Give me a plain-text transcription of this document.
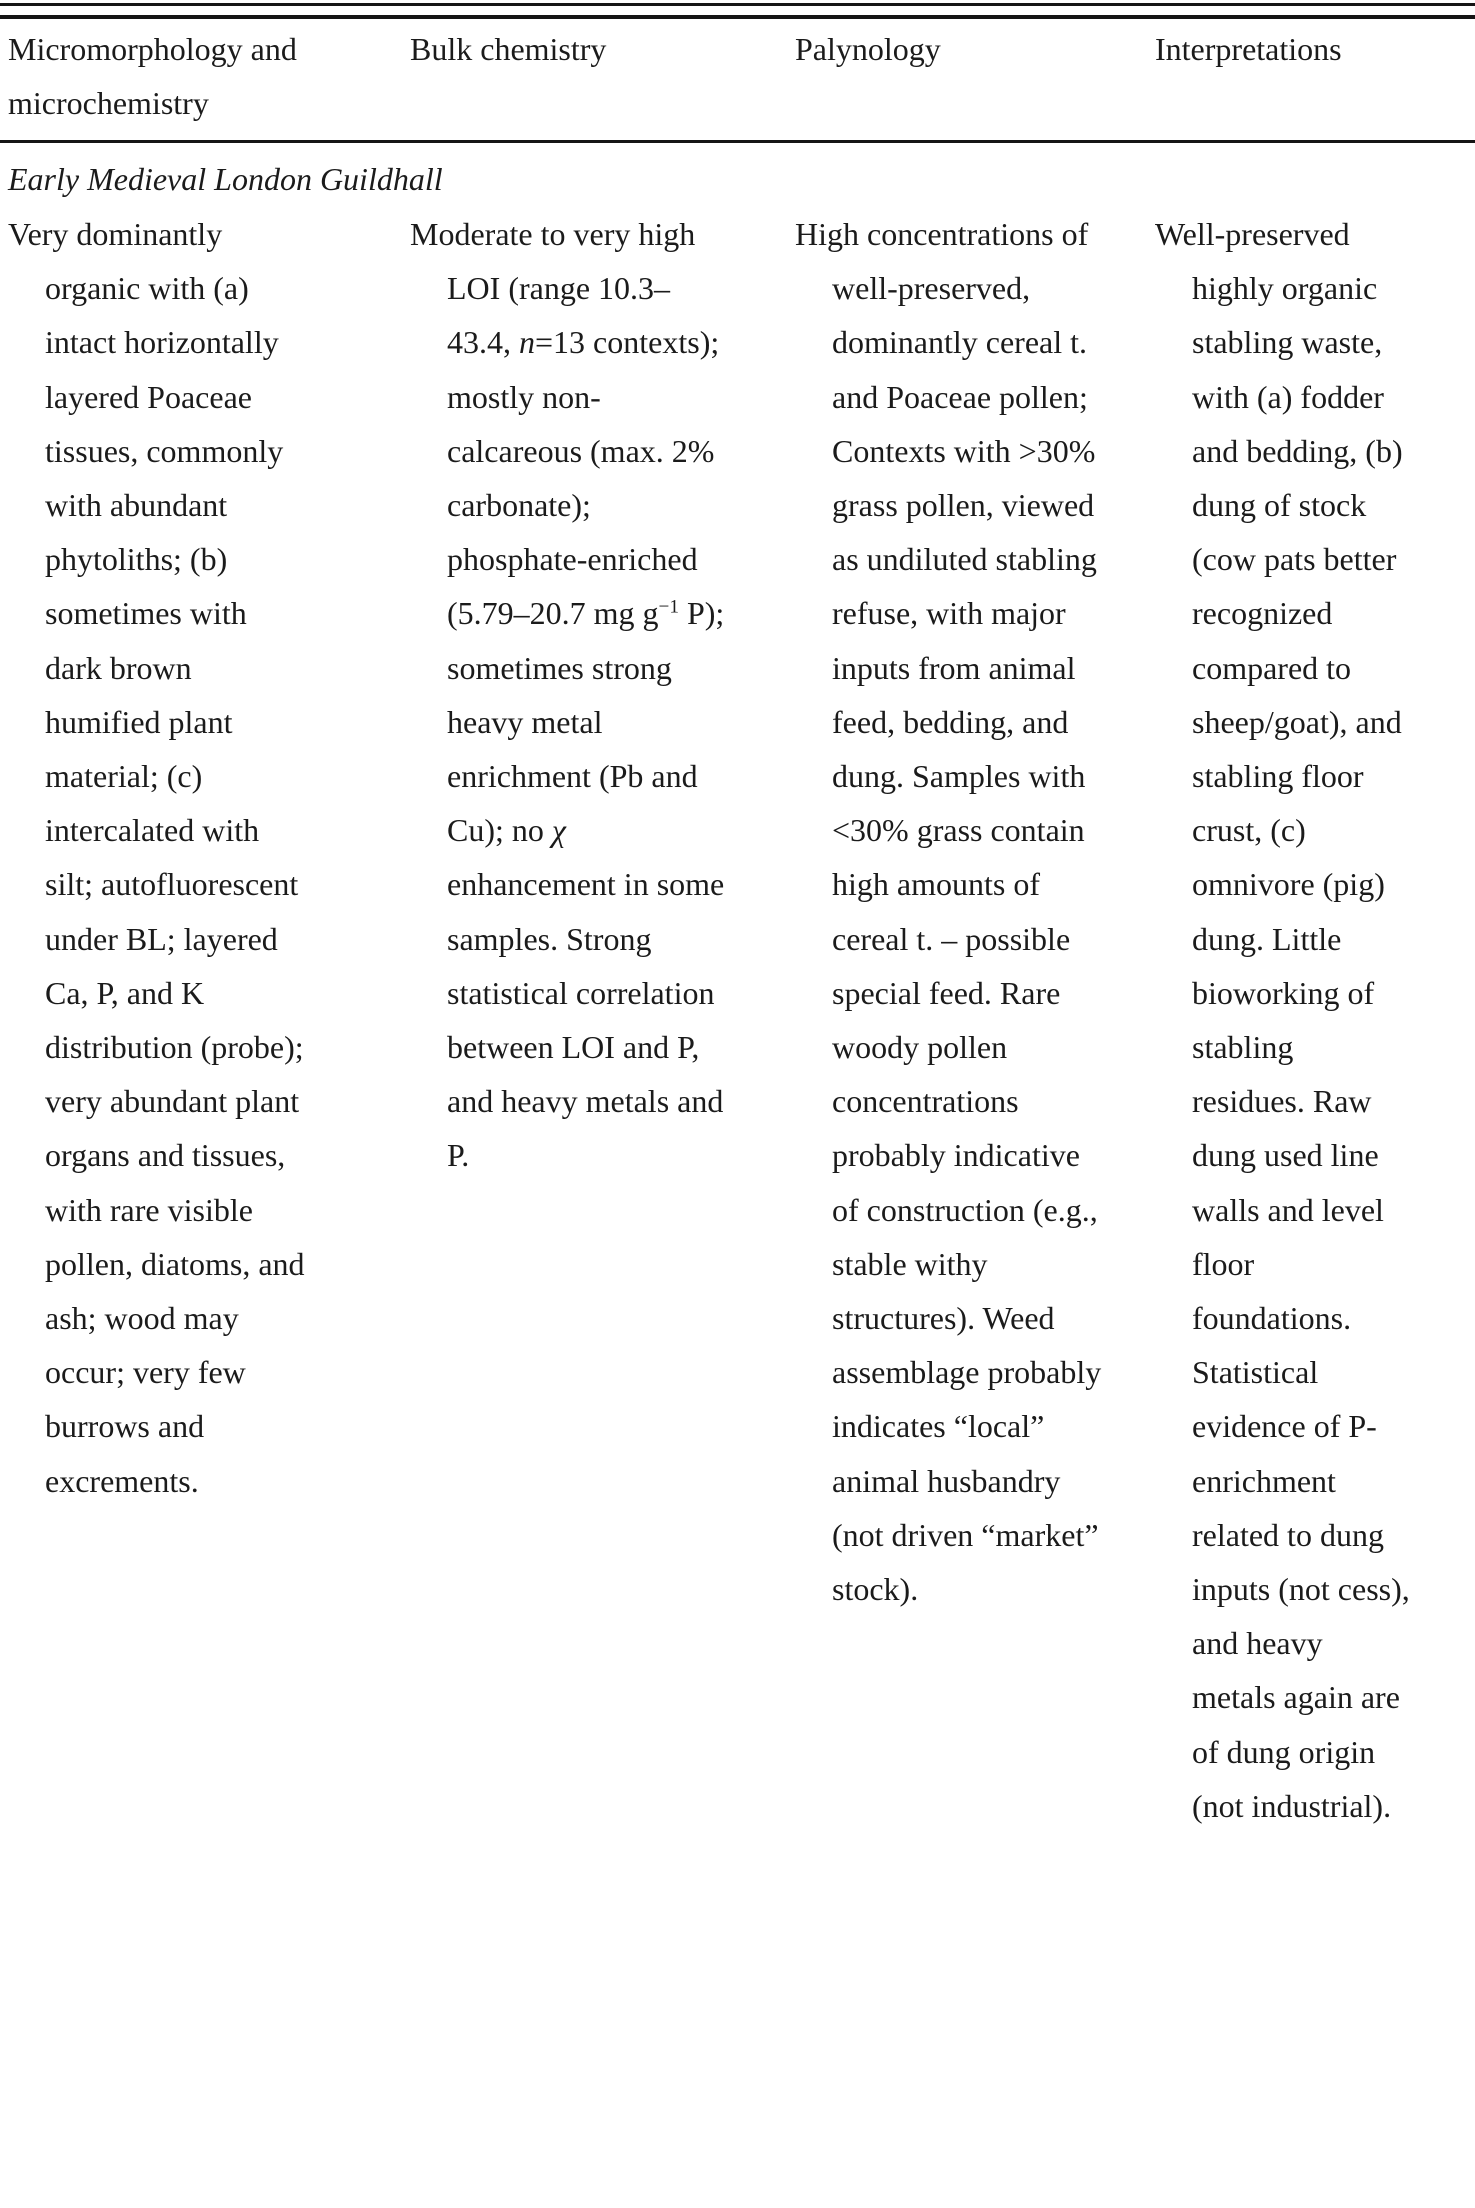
Micromorphology and microchemistry
Bulk chemistry	Palynology	Interpretations
Early Medieval London Guildhall

Very dominantly organic with (a) intact horizontally layered Poaceae tissues, commonly with abundant phytoliths; (b) sometimes with dark brown humified plant material; (c) intercalated with silt; autofluorescent under BL; layered Ca, P, and K distribution (probe); very abundant plant organs and tissues, with rare visible pollen, diatoms, and ash; wood may occur; very few burrows and excrements.

Moderate to very high LOI (range 10.3–43.4, n=13 contexts); mostly non-calcareous (max. 2% carbonate); phosphate-enriched (5.79–20.7 mg $g^{-1}$ P); sometimes strong heavy metal enrichment (Pb and Cu); no χ enhancement in some samples. Strong statistical correlation between LOI and P, and heavy metals and P.

High concentrations of well-preserved, dominantly cereal t. and Poaceae pollen; Contexts with >30% grass pollen, viewed as undiluted stabling refuse, with major inputs from animal feed, bedding, and dung. Samples with <30% grass contain high amounts of cereal t. – possible special feed. Rare woody pollen concentrations probably indicative of construction (e.g., stable withy structures). Weed assemblage probably indicates “local” animal husbandry (not driven “market” stock).

Well-preserved highly organic stabling waste, with (a) fodder and bedding, (b) dung of stock (cow pats better recognized compared to sheep/goat), and stabling floor crust, (c) omnivore (pig) dung. Little bioworking of stabling residues. Raw dung used line walls and level floor foundations. Statistical evidence of P-enrichment related to dung inputs (not cess), and heavy metals again are of dung origin (not industrial).
